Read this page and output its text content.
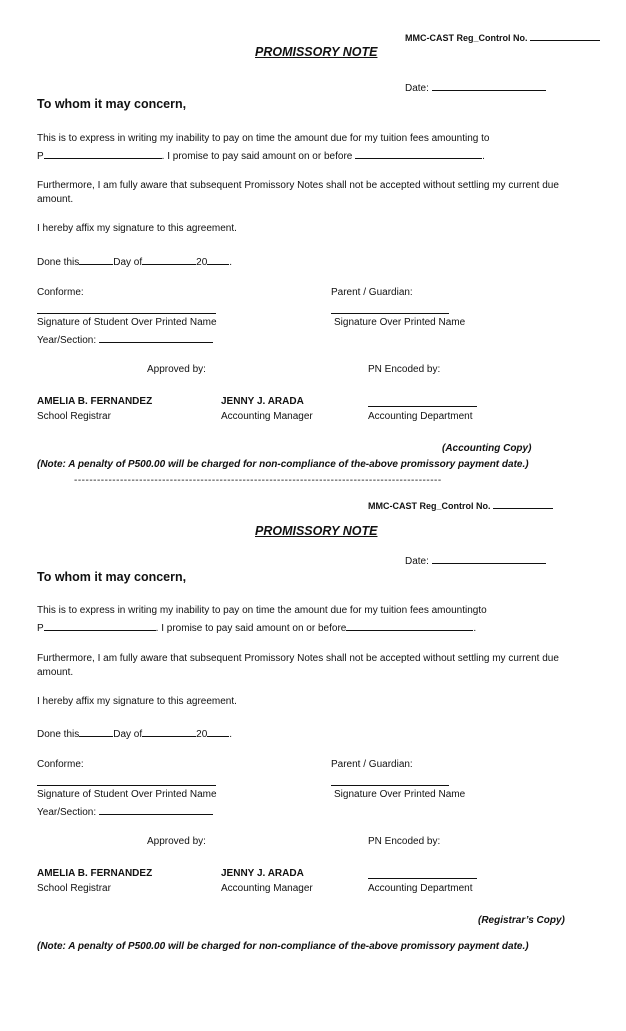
MMC-CAST Reg_Control No.
PROMISSORY NOTE
Date:
To whom it may concern,
This is to express in writing my inability to pay on time the amount due for my tuition fees amounting to
P	. I promise to pay said amount on or before	.
Furthermore, I am fully aware that subsequent Promissory Notes shall not be accepted without settling my current due
amount.
I hereby affix my signature to this agreement.
Done this	Day of	20 .
Conforme:	Parent / Guardian:
Signature of Student Over Printed Name	Signature Over Printed Name
Year/Section:
Approved by:	PN Encoded by:
AMELIA B. FERNANDEZ	JENNY J. ARADA
School Registrar	Accounting Manager	Accounting Department
(Accounting Copy)
(Note: A penalty of P500.00 will be charged for non-compliance of the-above promissory payment date.)
------------------------------------------------------------------------------------------------
MMC-CAST Reg_Control No.
PROMISSORY NOTE
Date:
To whom it may concern,
This is to express in writing my inability to pay on time the amount due for my tuition fees amountingto
P	. I promise to pay said amount on or before	.
Furthermore, I am fully aware that subsequent Promissory Notes shall not be accepted without settling my current due
amount.
I hereby affix my signature to this agreement.
Done this	Day of	20 .
Conforme:	Parent / Guardian:
Signature of Student Over Printed Name	Signature Over Printed Name
Year/Section:
Approved by:	PN Encoded by:
AMELIA B. FERNANDEZ	JENNY J. ARADA
School Registrar	Accounting Manager	Accounting Department
(Registrar’s Copy)
(Note: A penalty of P500.00 will be charged for non-compliance of the-above promissory payment date.)
